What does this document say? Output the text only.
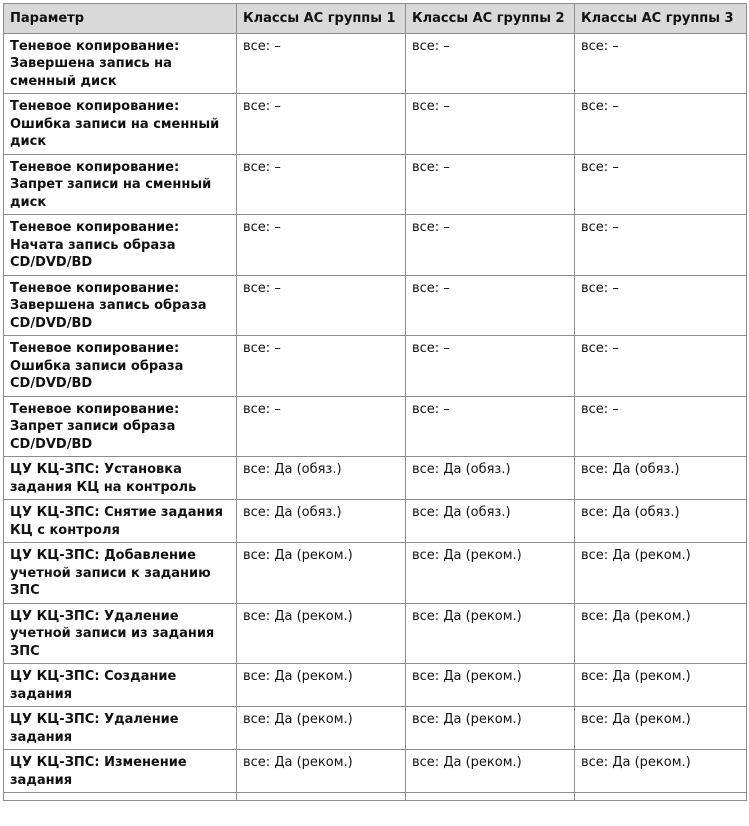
Параметр	Классы АС группы 1	Классы АС группы 2	Классы АС группы 3
Теневое копирование: Завершена запись на сменный диск	все: –	все: –	все: –
Теневое копирование: Ошибка записи на сменный диск	все: –	все: –	все: –
Теневое копирование: Запрет записи на сменный диск	все: –	все: –	все: –
Теневое копирование: Начата запись образа CD/DVD/BD	все: –	все: –	все: –
Теневое копирование: Завершена запись образа CD/DVD/BD	все: –	все: –	все: –
Теневое копирование: Ошибка записи образа CD/DVD/BD	все: –	все: –	все: –
Теневое копирование: Запрет записи образа CD/DVD/BD	все: –	все: –	все: –
ЦУ КЦ-ЗПС: Установка задания КЦ на контроль	все: Да (обяз.)	все: Да (обяз.)	все: Да (обяз.)
ЦУ КЦ-ЗПС: Снятие задания КЦ с контроля	все: Да (обяз.)	все: Да (обяз.)	все: Да (обяз.)
ЦУ КЦ-ЗПС: Добавление учетной записи к заданию ЗПС	все: Да (реком.)	все: Да (реком.)	все: Да (реком.)
ЦУ КЦ-ЗПС: Удаление учетной записи из задания ЗПС	все: Да (реком.)	все: Да (реком.)	все: Да (реком.)
ЦУ КЦ-ЗПС: Создание задания	все: Да (реком.)	все: Да (реком.)	все: Да (реком.)
ЦУ КЦ-ЗПС: Удаление задания	все: Да (реком.)	все: Да (реком.)	все: Да (реком.)
ЦУ КЦ-ЗПС: Изменение задания	все: Да (реком.)	все: Да (реком.)	все: Да (реком.)
